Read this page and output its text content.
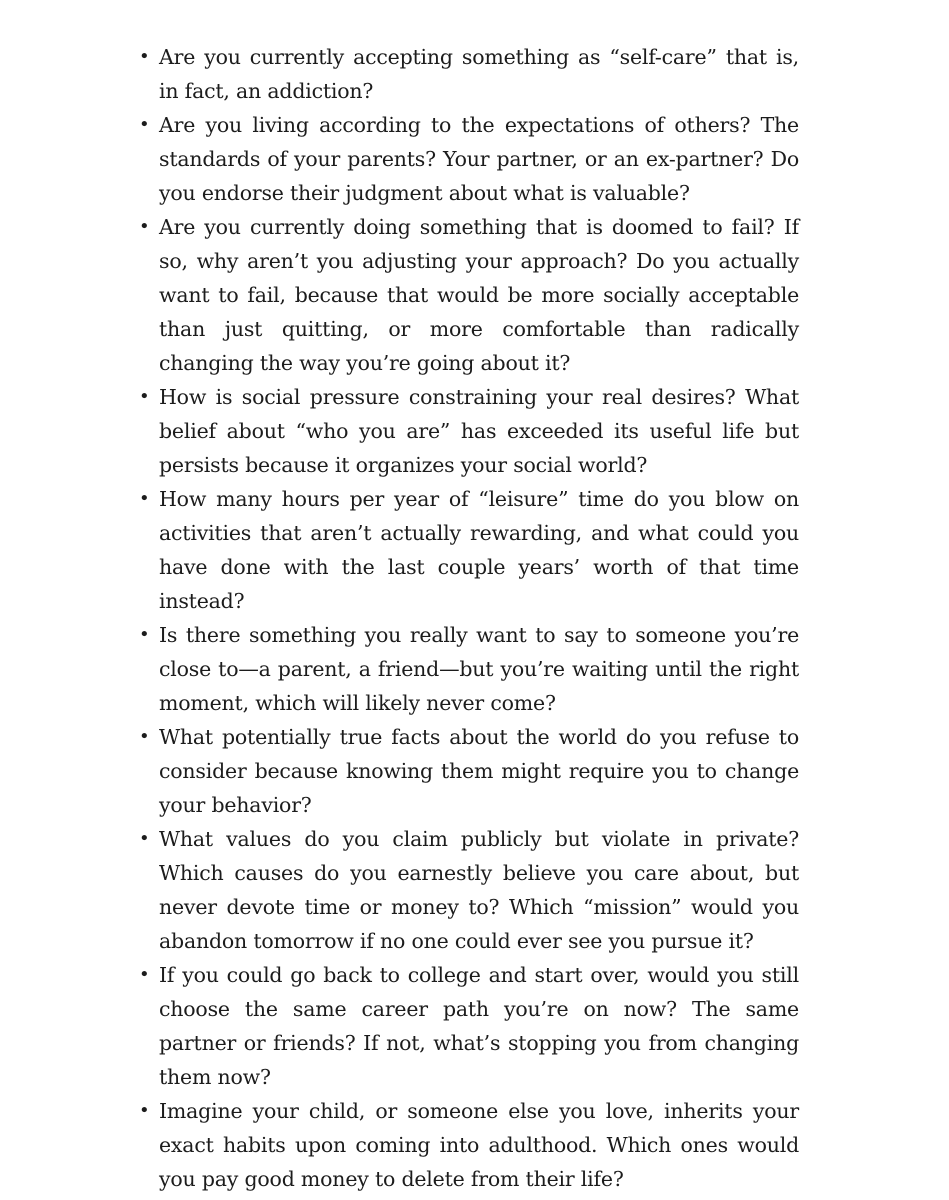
• Are you currently accepting something as “self-care” that is, in fact, an addiction?
• Are you living according to the expectations of others? The standards of your parents? Your partner, or an ex-partner? Do you endorse their judgment about what is valuable?
• Are you currently doing something that is doomed to fail? If so, why aren’t you adjusting your approach? Do you actually want to fail, because that would be more socially acceptable than just quitting, or more comfortable than radically changing the way you’re going about it?
• How is social pressure constraining your real desires? What belief about “who you are” has exceeded its useful life but persists because it organizes your social world?
• How many hours per year of “leisure” time do you blow on activities that aren’t actually rewarding, and what could you have done with the last couple years’ worth of that time instead?
• Is there something you really want to say to someone you’re close to—a parent, a friend—but you’re waiting until the right moment, which will likely never come?
• What potentially true facts about the world do you refuse to consider because knowing them might require you to change your behavior?
• What values do you claim publicly but violate in private? Which causes do you earnestly believe you care about, but never devote time or money to? Which “mission” would you abandon tomorrow if no one could ever see you pursue it?
• If you could go back to college and start over, would you still choose the same career path you’re on now? The same partner or friends? If not, what’s stopping you from changing them now?
• Imagine your child, or someone else you love, inherits your exact habits upon coming into adulthood. Which ones would you pay good money to delete from their life?
